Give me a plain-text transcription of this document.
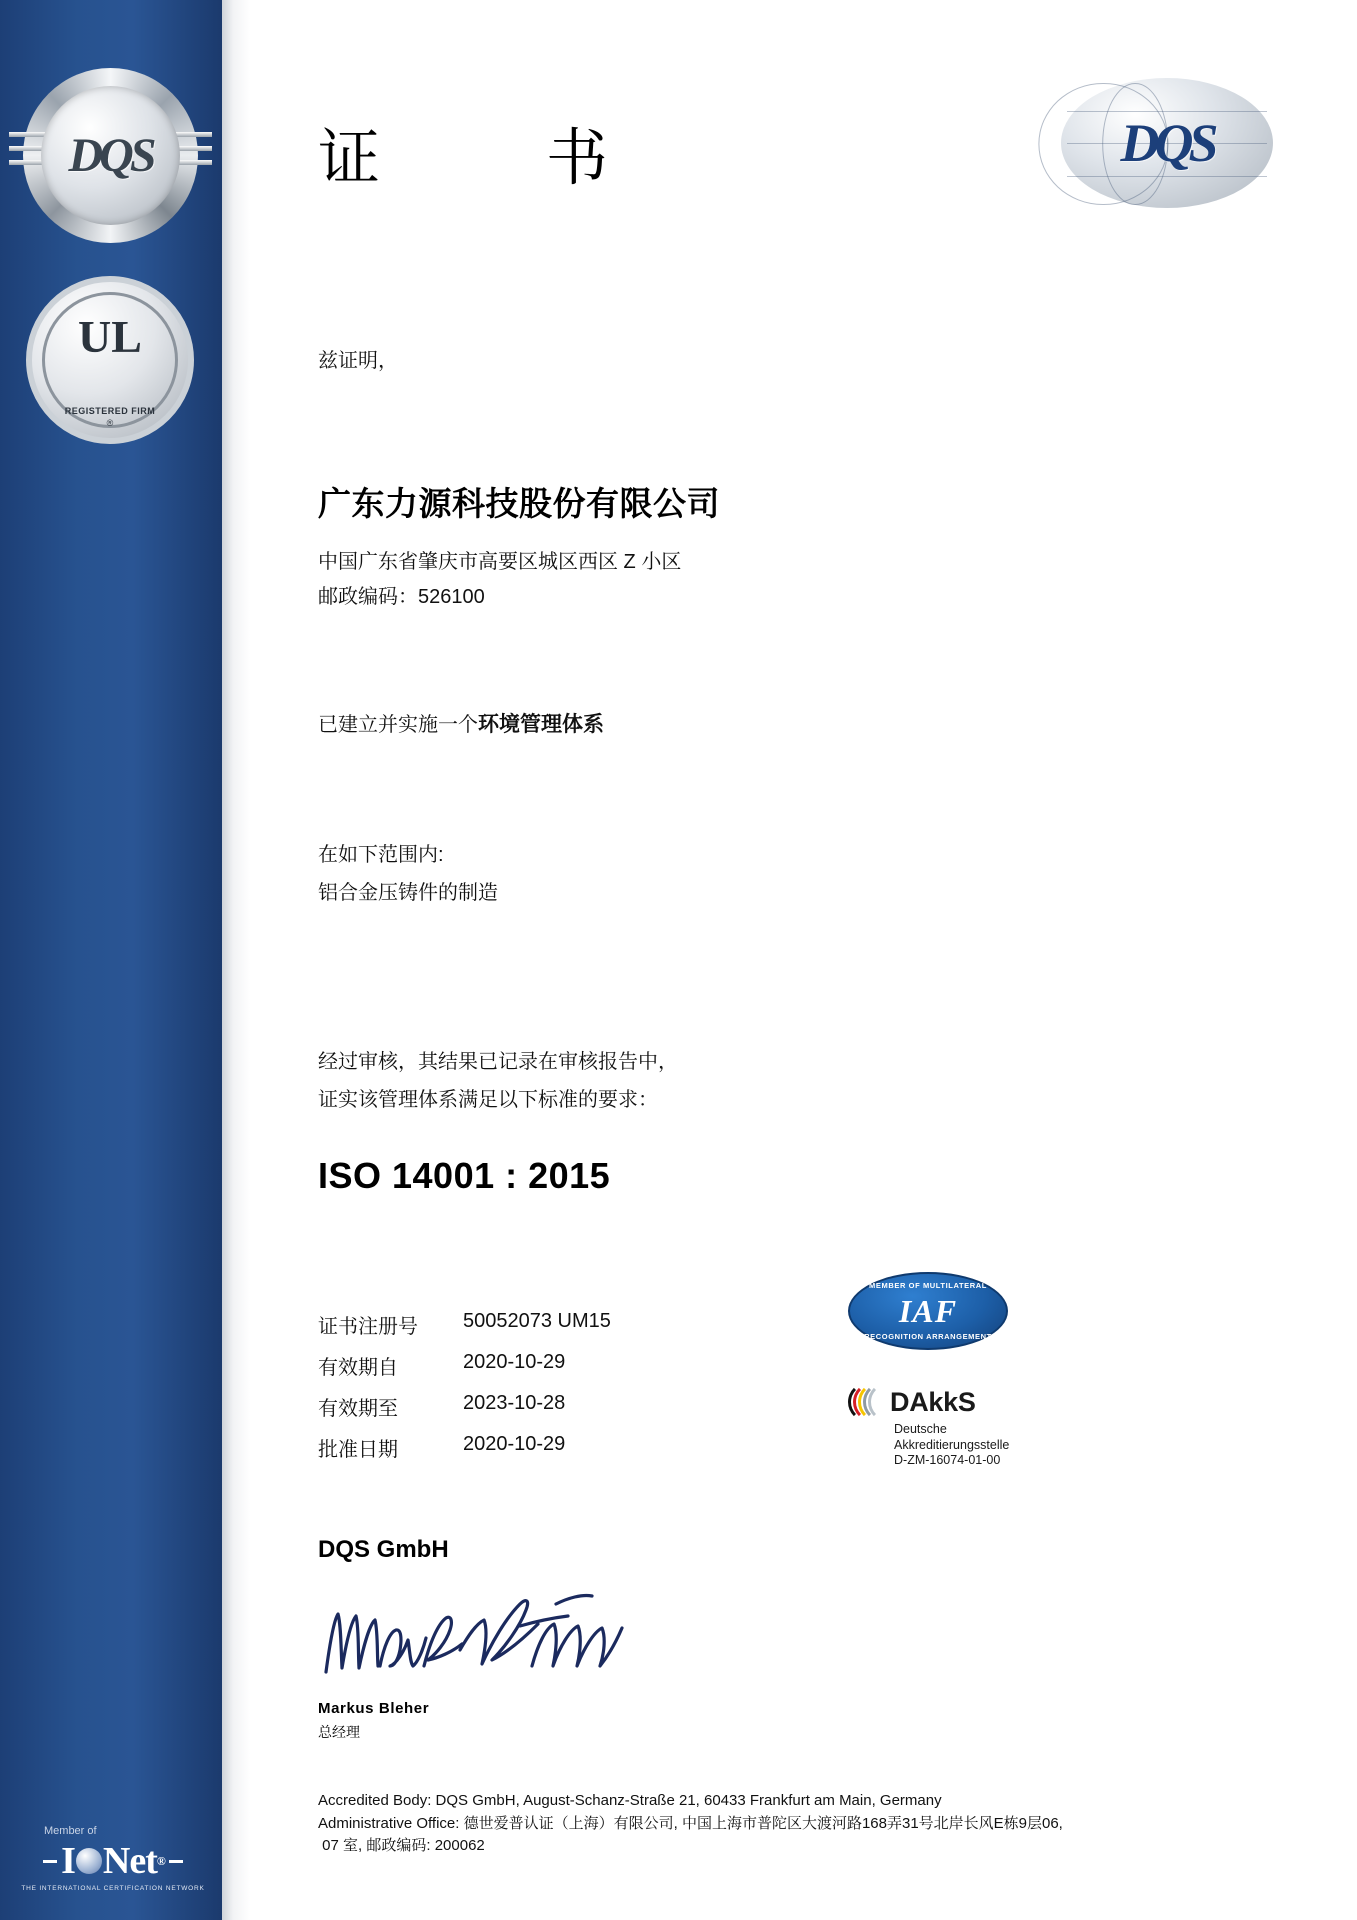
DQS
UL
REGISTERED FIRM
®
Member of
I Net ®
THE INTERNATIONAL CERTIFICATION NETWORK
证　书	DQS
兹证明，
广东力源科技股份有限公司
中国广东省肇庆市高要区城区西区 Z 小区
邮政编码：526100
已建立并实施一个环境管理体系
在如下范围内:
铝合金压铸件的制造
经过审核，其结果已记录在审核报告中，
证实该管理体系满足以下标准的要求：
ISO 14001 : 2015
证书注册号	50052073 UM15
有效期自	2020-10-29
有效期至	2023-10-28
批准日期	2020-10-29
MEMBER OF MULTILATERAL
IAF
RECOGNITION ARRANGEMENT
DAkkS
Deutsche
Akkreditierungsstelle
D-ZM-16074-01-00
DQS GmbH
Markus Bleher
总经理
Accredited Body: DQS GmbH, August-Schanz-Straße 21, 60433 Frankfurt am Main, Germany
Administrative Office: 德世爱普认证（上海）有限公司, 中国上海市普陀区大渡河路168弄31号北岸长风E栋9层06,
07 室, 邮政编码: 200062
